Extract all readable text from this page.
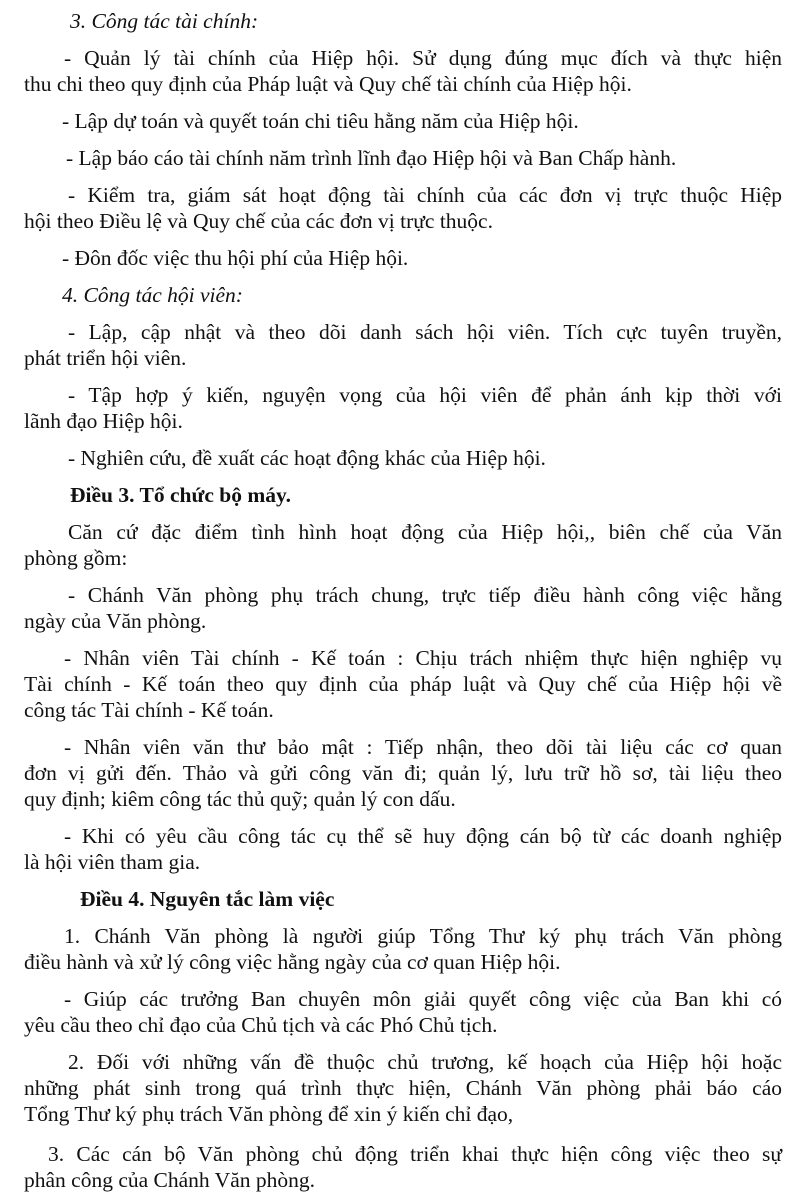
3. Công tác tài chính:
- Quản lý tài chính của Hiệp hội. Sử dụng đúng mục đích và thực hiện
thu chi theo quy định của Pháp luật và Quy chế tài chính của Hiệp hội.
- Lập dự toán và quyết toán chi tiêu hằng năm của Hiệp hội.
- Lập báo cáo tài chính năm trình lĩnh đạo Hiệp hội và Ban Chấp hành.
- Kiểm tra, giám sát hoạt động tài chính của các đơn vị trực thuộc Hiệp
hội theo Điều lệ và Quy chế của các đơn vị trực thuộc.
- Đôn đốc việc thu hội phí của Hiệp hội.
4. Công tác hội viên:
- Lập, cập nhật và theo dõi danh sách hội viên. Tích cực tuyên truyền,
phát triển hội viên.
- Tập hợp ý kiến, nguyện vọng của hội viên để phản ánh kịp thời với
lãnh đạo Hiệp hội.
- Nghiên cứu, đề xuất các hoạt động khác của Hiệp hội.
Điều 3. Tổ chức bộ máy.
Căn cứ đặc điểm tình hình hoạt động của Hiệp hội,, biên chế của Văn
phòng gồm:
- Chánh Văn phòng phụ trách chung, trực tiếp điều hành công việc hằng
ngày của Văn phòng.
- Nhân viên Tài chính - Kế toán : Chịu trách nhiệm thực hiện nghiệp vụ
Tài chính - Kế toán theo quy định của pháp luật và Quy chế của Hiệp hội về
công tác Tài chính - Kế toán.
- Nhân viên văn thư bảo mật : Tiếp nhận, theo dõi tài liệu các cơ quan
đơn vị gửi đến. Thảo và gửi công văn đi; quản lý, lưu trữ hồ sơ, tài liệu theo
quy định; kiêm công tác thủ quỹ; quản lý con dấu.
- Khi có yêu cầu công tác cụ thể sẽ huy động cán bộ từ các doanh nghiệp
là hội viên tham gia.
Điều 4. Nguyên tắc làm việc
1. Chánh Văn phòng là người giúp Tổng Thư ký phụ trách Văn phòng
điều hành và xử lý công việc hằng ngày của cơ quan Hiệp hội.
- Giúp các trưởng Ban chuyên môn giải quyết công việc của Ban khi có
yêu cầu theo chỉ đạo của Chủ tịch và các Phó Chủ tịch.
2. Đối với những vấn đề thuộc chủ trương, kế hoạch của Hiệp hội hoặc
những phát sinh trong quá trình thực hiện, Chánh Văn phòng phải báo cáo
Tổng Thư ký phụ trách Văn phòng để xin ý kiến chỉ đạo,
3. Các cán bộ Văn phòng chủ động triển khai thực hiện công việc theo sự
phân công của Chánh Văn phòng.
